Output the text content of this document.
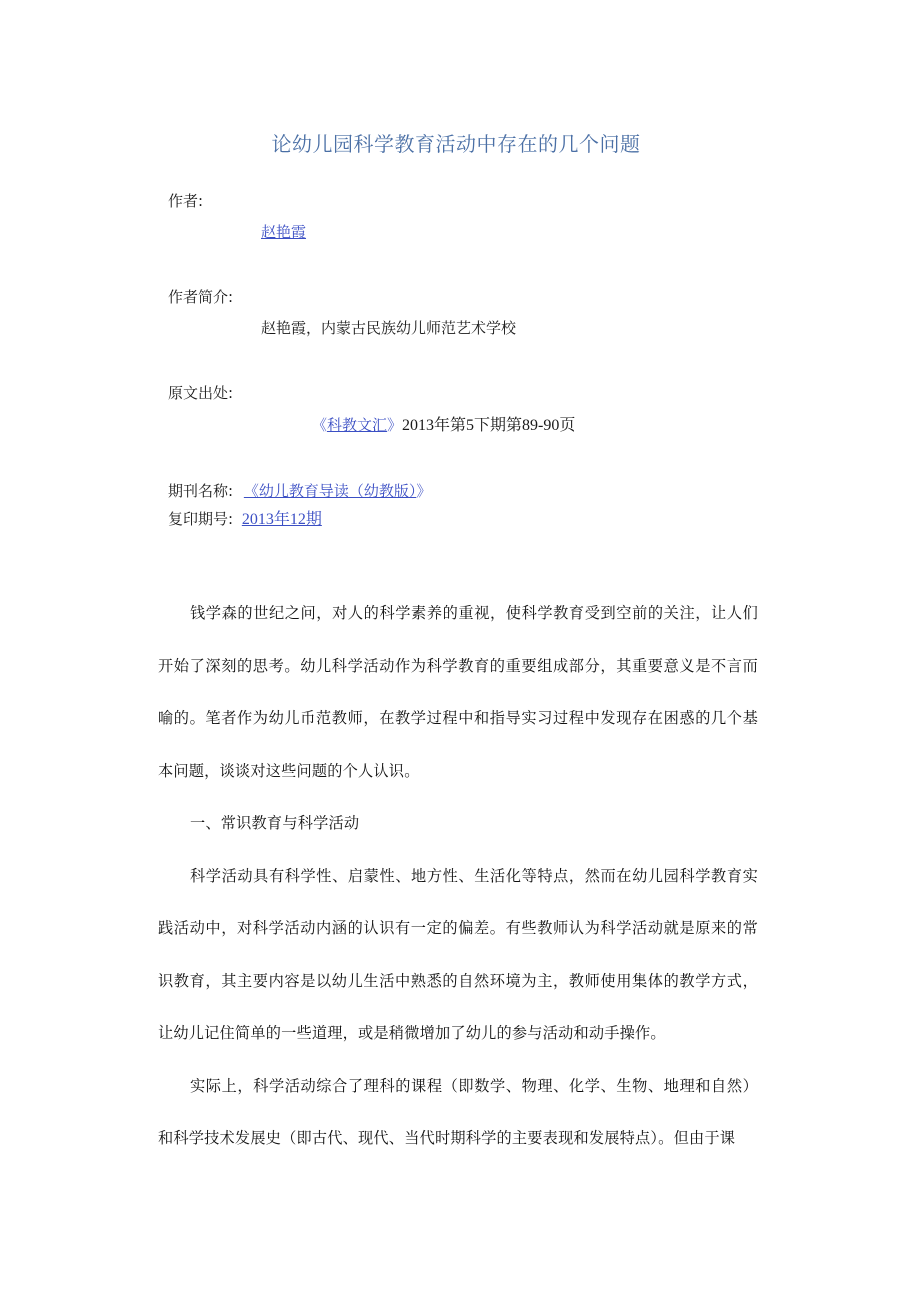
论幼儿园科学教育活动中存在的几个问题
作者:
赵艳霞
作者简介:
赵艳霞，内蒙古民族幼儿师范艺术学校
原文出处:
《科教文汇》2013年第5下期第89-90页
期刊名称: 《幼儿教育导读（幼教版）》
复印期号: 2013年12期

钱学森的世纪之问，对人的科学素养的重视，使科学教育受到空前的关注，让人们开始了深刻的思考。幼儿科学活动作为科学教育的重要组成部分，其重要意义是不言而喻的。笔者作为幼儿币范教师，在教学过程中和指导实习过程中发现存在困惑的几个基本问题，谈谈对这些问题的个人认识。

一、常识教育与科学活动

科学活动具有科学性、启蒙性、地方性、生活化等特点，然而在幼儿园科学教育实践活动中，对科学活动内涵的认识有一定的偏差。有些教师认为科学活动就是原来的常识教育，其主要内容是以幼儿生活中熟悉的自然环境为主，教师使用集体的教学方式，让幼儿记住简单的一些道理，或是稍微增加了幼儿的参与活动和动手操作。

实际上，科学活动综合了理科的课程（即数学、物理、化学、生物、地理和自然）和科学技术发展史（即古代、现代、当代时期科学的主要表现和发展特点）。但由于课
